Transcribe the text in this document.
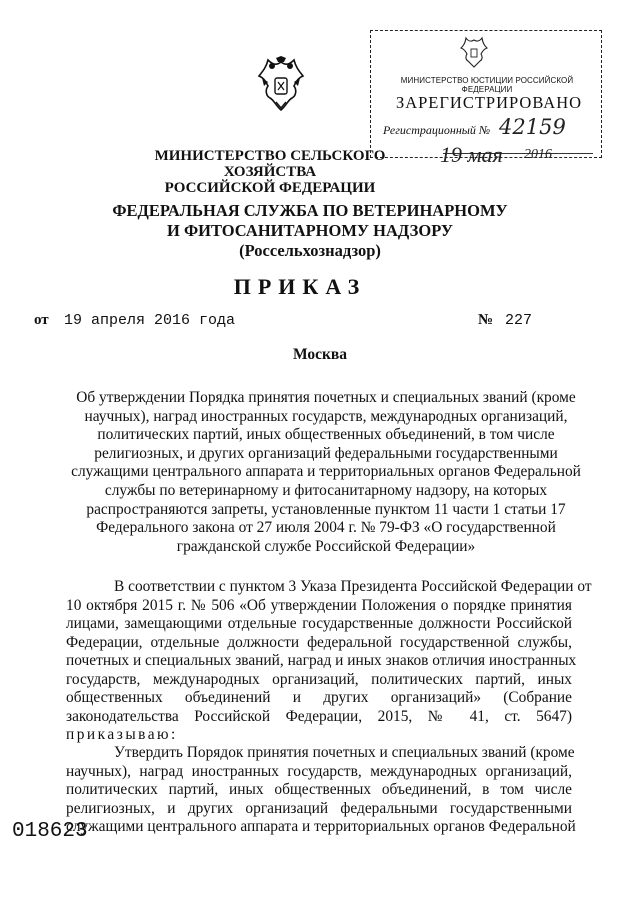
МИНИСТЕРСТВО СЕЛЬСКОГО ХОЗЯЙСТВА
РОССИЙСКОЙ ФЕДЕРАЦИИ
МИНИСТЕРСТВО ЮСТИЦИИ РОССИЙСКОЙ ФЕДЕРАЦИИ
ЗАРЕГИСТРИРОВАНО
Регистрационный № 42159
19 мая 2016
ФЕДЕРАЛЬНАЯ СЛУЖБА ПО ВЕТЕРИНАРНОМУ
И ФИТОСАНИТАРНОМУ НАДЗОРУ
(Россельхознадзор)
ПРИКАЗ
от 19 апреля 2016 года	№ 227
Москва
Об утверждении Порядка принятия почетных и специальных званий (кроме
научных), наград иностранных государств, международных организаций,
политических партий, иных общественных объединений, в том числе
религиозных, и других организаций федеральными государственными
служащими центрального аппарата и территориальных органов Федеральной
службы по ветеринарному и фитосанитарному надзору, на которых
распространяются запреты, установленные пунктом 11 части 1 статьи 17
Федерального закона от 27 июля 2004 г. № 79-ФЗ «О государственной
гражданской службе Российской Федерации»
В соответствии с пунктом 3 Указа Президента Российской Федерации от
10 октября 2015 г. № 506 «Об утверждении Положения о порядке принятия
лицами, замещающими отдельные государственные должности Российской
Федерации, отдельные должности федеральной государственной службы,
почетных и специальных званий, наград и иных знаков отличия иностранных
государств, международных организаций, политических партий, иных
общественных объединений и других организаций» (Собрание
законодательства Российской Федерации, 2015, № 41, ст. 5647)
приказываю:
Утвердить Порядок принятия почетных и специальных званий (кроме
научных), наград иностранных государств, международных организаций,
политических партий, иных общественных объединений, в том числе
религиозных, и других организаций федеральными государственными
служащими центрального аппарата и территориальных органов Федеральной
018623
